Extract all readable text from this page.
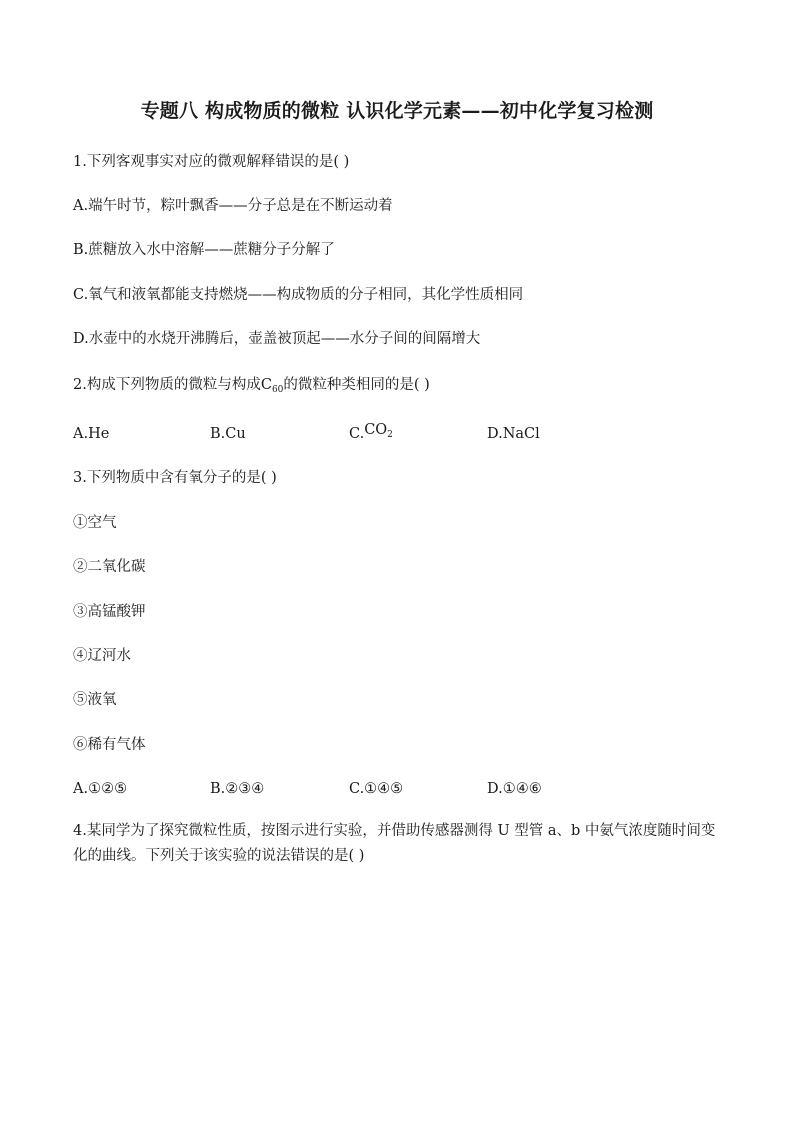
专题八 构成物质的微粒 认识化学元素——初中化学复习检测
1.下列客观事实对应的微观解释错误的是( )
A.端午时节，粽叶飘香——分子总是在不断运动着
B.蔗糖放入水中溶解——蔗糖分子分解了
C.氧气和液氧都能支持燃烧——构成物质的分子相同，其化学性质相同
D.水壶中的水烧开沸腾后，壶盖被顶起——水分子间的间隔增大
2.构成下列物质的微粒与构成$C_{60}$的微粒种类相同的是( )
A.He	B.Cu	$C.CO_2$	D.NaCl
3.下列物质中含有氧分子的是( )
①空气
②二氧化碳
③高锰酸钾
④辽河水
⑤液氧
⑥稀有气体
A.①②⑤	B.②③④	C.①④⑤	D.①④⑥
4.某同学为了探究微粒性质，按图示进行实验，并借助传感器测得 U 型管 a、b 中氨气浓度随时间变化的曲线。下列关于该实验的说法错误的是( )
